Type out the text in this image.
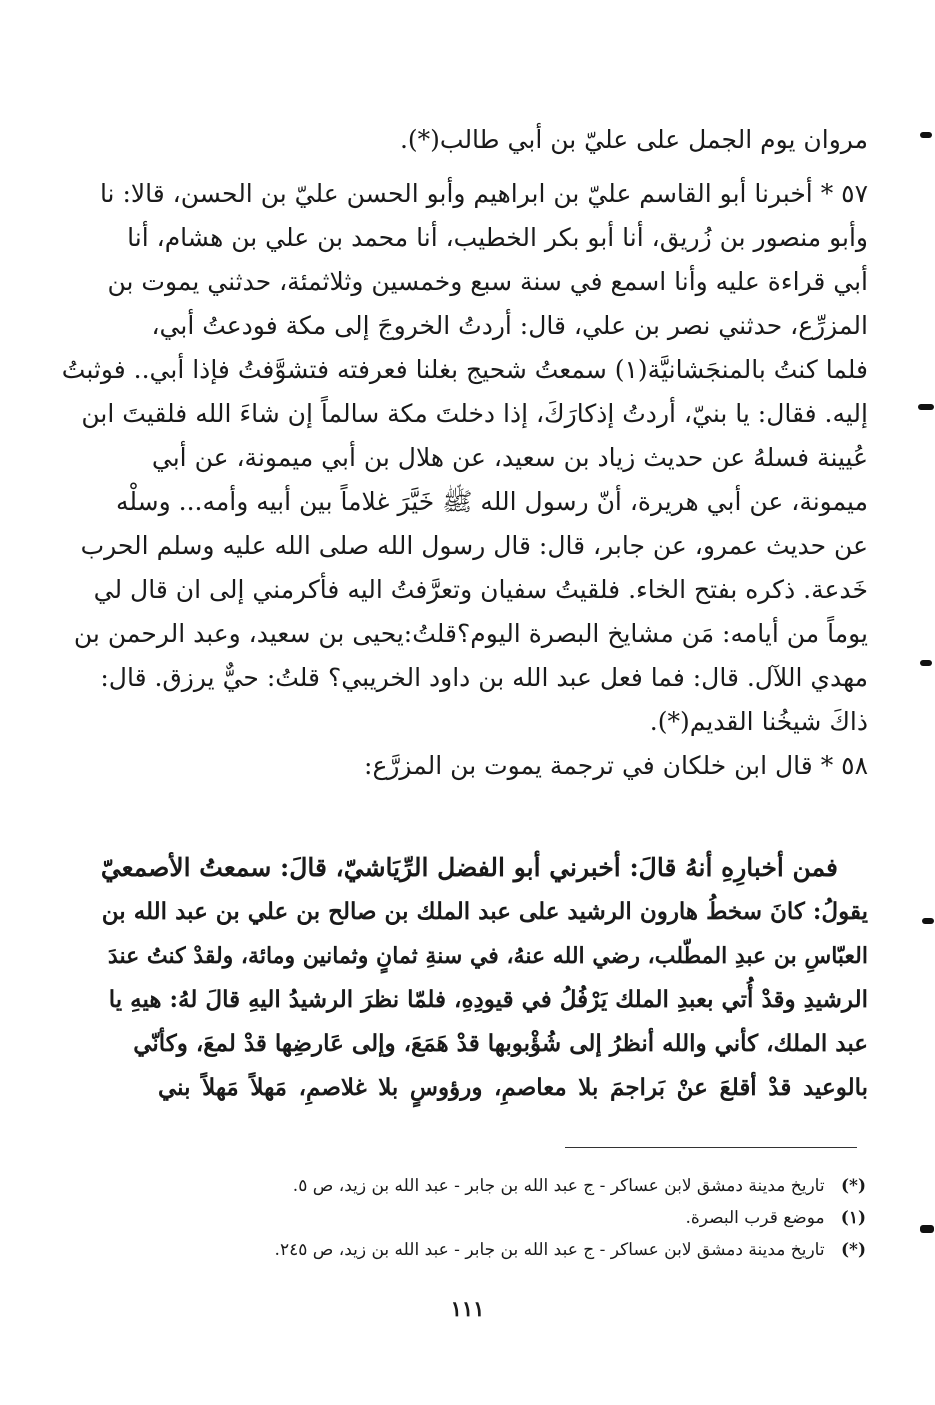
مروان يوم الجمل على عليّ بن أبي طالب(*).
٥٧ * أخبرنا أبو القاسم عليّ بن ابراهيم وأبو الحسن عليّ بن الحسن، قالا: نا
وأبو منصور بن زُريق، أنا أبو بكر الخطيب، أنا محمد بن علي بن هشام، أنا
أبي قراءة عليه وأنا اسمع في سنة سبع وخمسين وثلاثمئة، حدثني يموت بن
المزرِّع، حدثني نصر بن علي، قال: أردتُ الخروجَ إلى مكة فودعتُ أبي،
فلما كنتُ بالمنجَشانيَّة(١) سمعتُ شحيج بغلنا فعرفته فتشوَّفتُ فإذا أبي.. فوثبتُ
إليه. فقال: يا بنيّ، أردتُ إذكارَكَ، إذا دخلتَ مكة سالماً إن شاءَ الله فلقيتَ ابن
عُيينة فسلهُ عن حديث زياد بن سعيد، عن هلال بن أبي ميمونة، عن أبي
ميمونة، عن أبي هريرة، أنّ رسول الله ﷺ خَيَّرَ غلاماً بين أبيه وأمه... وسلْه
عن حديث عمرو، عن جابر، قال: قال رسول الله صلى الله عليه وسلم الحرب
خَدعة. ذكره بفتح الخاء. فلقيتُ سفيان وتعرَّفتُ اليه فأكرمني إلى ان قال لي
يوماً من أيامه: مَن مشايخ البصرة اليوم؟قلتُ:يحيى بن سعيد، وعبد الرحمن بن
مهدي اللآل. قال: فما فعل عبد الله بن داود الخريبي؟ قلتُ: حيٌّ يرزق. قال:
ذاكَ شيخُنا القديم(*).
٥٨ * قال ابن خلكان في ترجمة يموت بن المزرَّع:
فمن أخبارِهِ أنهُ قالَ: أخبرني أبو الفضل الرِّيَاشيّ، قالَ: سمعتُ الأصمعيّ
يقولُ: كانَ سخطُ هارون الرشيد على عبد الملك بن صالح بن علي بن عبد الله بن
العبّاسِ بن عبدِ المطّلب، رضي الله عنهُ، في سنةِ ثمانٍ وثمانين ومائة، ولقدْ كنتُ عندَ
الرشيدِ وقدْ أُتي بعبدِ الملك يَرْفُلُ في قيودِهِ، فلمّا نظرَ الرشيدُ اليهِ قالَ لهُ: هيهِ يا
عبد الملك، كأني والله أنظرُ إلى شُؤْبوبها قدْ هَمَعَ، وإلى عَارضِها قدْ لمعَ، وكأنّي
بالوعيد قدْ أقلعَ عنْ بَراجمَ بلا معاصمِ، ورؤوسٍ بلا غلاصمِ، مَهلاً مَهلاً بني
(*) تاريخ مدينة دمشق لابن عساكر - ج عبد الله بن جابر - عبد الله بن زيد، ص ٥.
(١) موضع قرب البصرة.
(*) تاريخ مدينة دمشق لابن عساكر - ج عبد الله بن جابر - عبد الله بن زيد، ص ٢٤٥.
١١١
